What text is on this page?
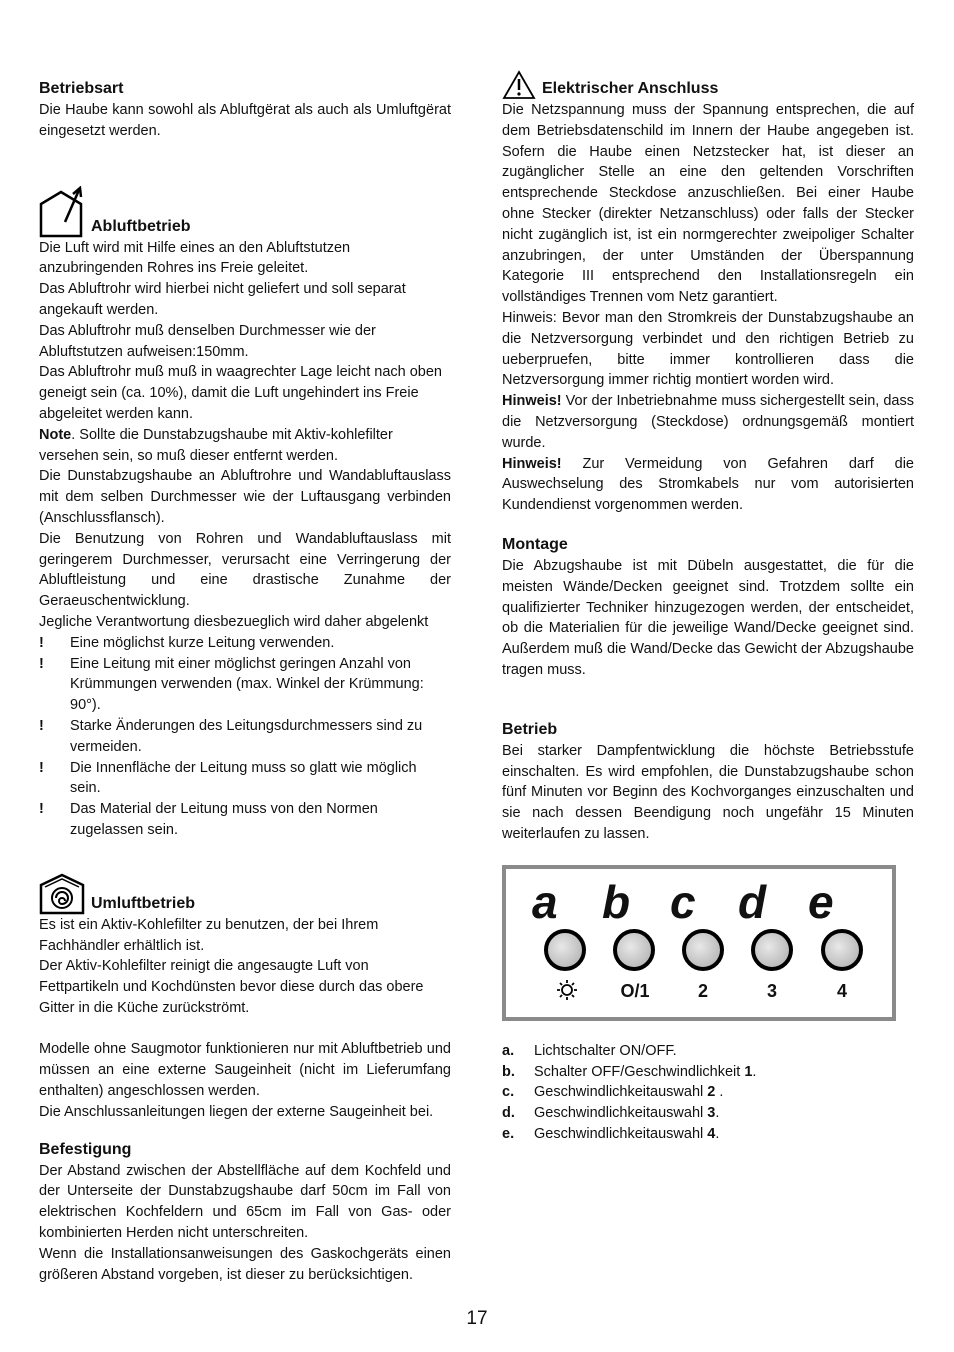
Betriebsart

Die Haube kann sowohl als Abluftgërat als auch als Umluftgërat eingesetzt werden.

Abluftbetrieb

Die Luft wird mit Hilfe eines an den Abluftstutzen anzubringenden Rohres ins Freie geleitet.

Das Abluftrohr wird hierbei nicht geliefert und soll separat angekauft werden.

Das Abluftrohr muß denselben Durchmesser wie der Abluftstutzen aufweisen:150mm.

Das Abluftrohr muß muß in waagrechter Lage leicht nach oben geneigt sein (ca. 10%), damit die Luft ungehindert ins Freie abgeleitet werden kann.

Note. Sollte die Dunstabzugshaube mit Aktiv-kohlefilter versehen sein, so muß dieser entfernt werden.

Die Dunstabzugshaube an Abluftrohre und Wandabluftauslass mit dem selben Durchmesser wie der Luftausgang verbinden (Anschlussflansch).

Die Benutzung von Rohren und Wandabluftauslass mit geringerem Durchmesser, verursacht eine Verringerung der Abluftleistung und eine drastische Zunahme der Geraeuschentwicklung.

Jegliche Verantwortung diesbezueglich wird daher abgelenkt

! Eine möglichst kurze Leitung verwenden.
! Eine Leitung mit einer möglichst geringen Anzahl von Krümmungen verwenden (max. Winkel der Krümmung: 90°).
! Starke Änderungen des Leitungsdurchmessers sind zu vermeiden.
! Die Innenfläche der Leitung muss so glatt wie möglich sein.
! Das Material der Leitung muss von den Normen zugelassen sein.
Umluftbetrieb

Es ist ein Aktiv-Kohlefilter zu benutzen, der bei Ihrem Fachhändler erhältlich ist.

Der Aktiv-Kohlefilter reinigt die angesaugte Luft von Fettpartikeln und Kochdünsten bevor diese durch das obere Gitter in die Küche zurückströmt.

Modelle ohne Saugmotor funktionieren nur mit Abluftbetrieb und müssen an eine externe Saugeinheit (nicht im Lieferumfang enthalten) angeschlossen werden.

Die Anschlussanleitungen liegen der externe Saugeinheit bei.

Befestigung

Der Abstand zwischen der Abstellfläche auf dem Kochfeld und der Unterseite der Dunstabzugshaube darf 50cm im Fall von elektrischen Kochfeldern und 65cm im Fall von Gas- oder kombinierten Herden nicht unterschreiten.

Wenn die Installationsanweisungen des Gaskochgeräts einen größeren Abstand vorgeben, ist dieser zu berücksichtigen.

Elektrischer Anschluss

Die Netzspannung muss der Spannung entsprechen, die auf dem Betriebsdatenschild im Innern der Haube angegeben ist. Sofern die Haube einen Netzstecker hat, ist dieser an zugänglicher Stelle an eine den geltenden Vorschriften entsprechende Steckdose anzuschließen. Bei einer Haube ohne Stecker (direkter Netzanschluss) oder falls der Stecker nicht zugänglich ist, ist ein normgerechter zweipoliger Schalter anzubringen, der unter Umständen der Überspannung Kategorie III entsprechend den Installationsregeln ein vollständiges Trennen vom Netz garantiert.

Hinweis: Bevor man den Stromkreis der Dunstabzugshaube an die Netzversorgung verbindet und den richtigen Betrieb zu ueberpruefen, bitte immer kontrollieren dass die Netzversorgung immer richtig montiert worden wird.

Hinweis! Vor der Inbetriebnahme muss sichergestellt sein, dass die Netzversorgung (Steckdose) ordnungsgemäß montiert wurde.

Hinweis! Zur Vermeidung von Gefahren darf die Auswechselung des Stromkabels nur vom autorisierten Kundendienst vorgenommen werden.

Montage

Die Abzugshaube ist mit Dübeln ausgestattet, die für die meisten Wände/Decken geeignet sind. Trotzdem sollte ein qualifizierter Techniker hinzugezogen werden, der entscheidet, ob die Materialien für die jeweilige Wand/Decke geeignet sind. Außerdem muß die Wand/Decke das Gewicht der Abzugshaube tragen muss.

Betrieb

Bei starker Dampfentwicklung die höchste Betriebsstufe einschalten. Es wird empfohlen, die Dunstabzugshaube schon fünf Minuten vor Beginn des Kochvorganges einzuschalten und sie nach dessen Beendigung noch ungefähr 15 Minuten weiterlaufen zu lassen.

a b c d e
O/1	2	3	4
a.	Lichtschalter ON/OFF.
b.	Schalter OFF/Geschwindlichkeit 1.
c.	Geschwindlichkeitauswahl 2 .
d.	Geschwindlichkeitauswahl 3.
e.	Geschwindlichkeitauswahl 4.
17
